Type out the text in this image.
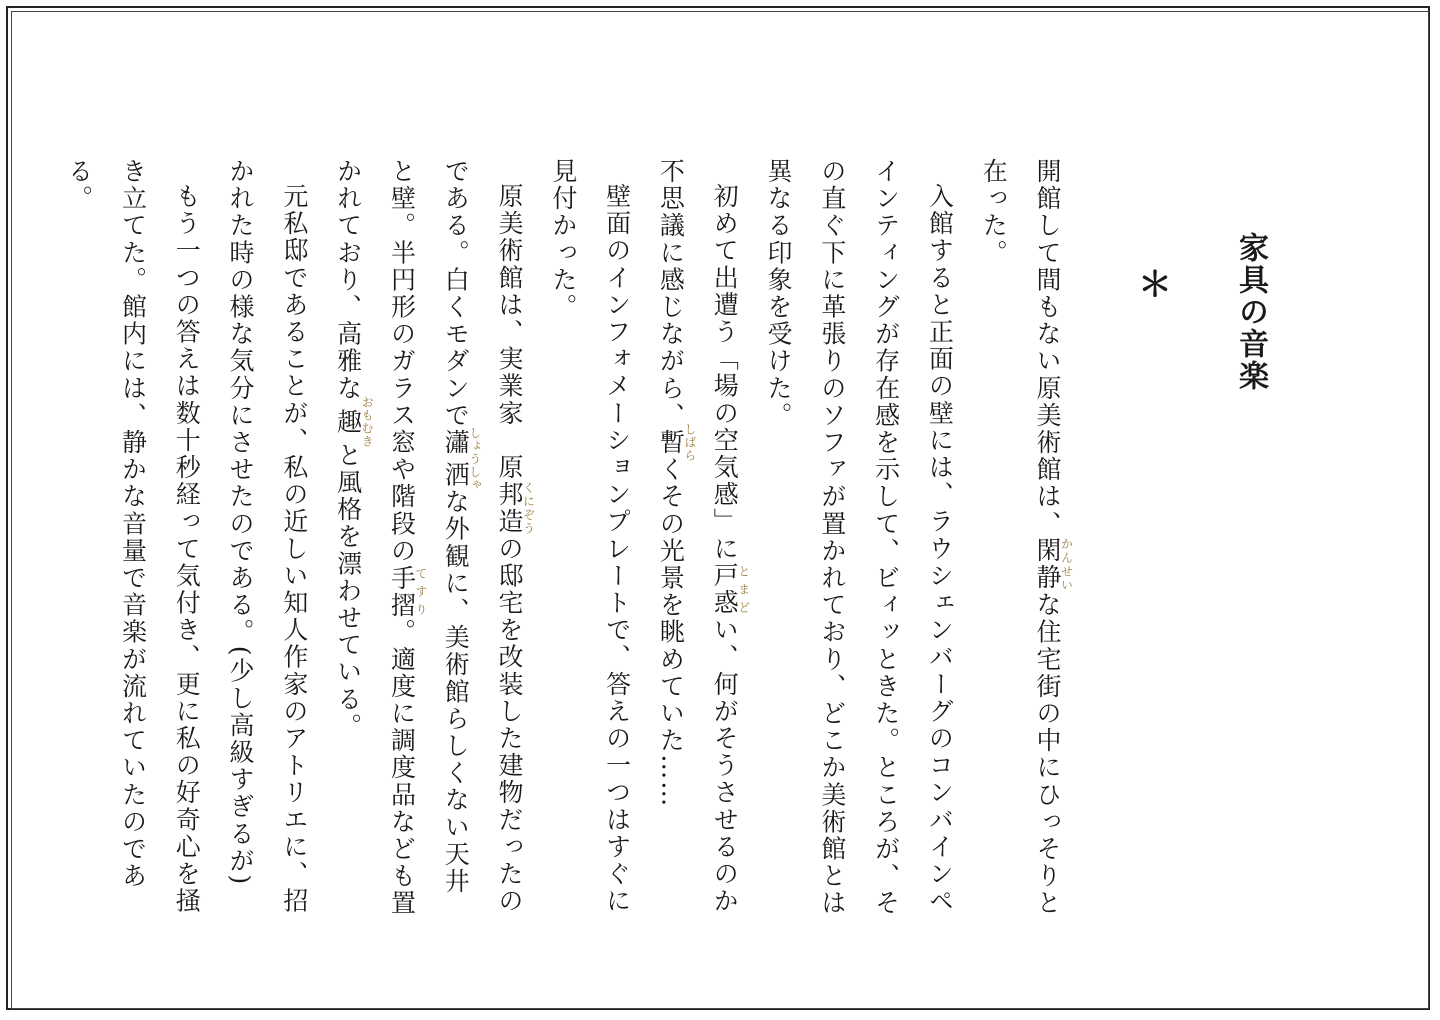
家具の音楽
＊

開館して間もない原美術館は、閑静かんせいな住宅街の中にひっそりと在った。

入館すると正面の壁には、ラウシェンバーグのコンバインペインティングが存在感を示して、ビィッときた。ところが、その直ぐ下に革張りのソファが置かれており、どこか美術館とは異なる印象を受けた。

初めて出遭う「場の空気感」に戸惑とまどい、何がそうさせるのか不思議に感じながら、暫しばらくその光景を眺めていた……

壁面のインフォメーションプレートで、答えの一つはすぐに見付かった。

原美術館は、実業家　原邦造くにぞうの邸宅を改装した建物だったのである。白くモダンで瀟洒しょうしゃな外観に、美術館らしくない天井と壁。半円形のガラス窓や階段の手摺てすり。適度に調度品なども置かれており、高雅な趣おもむきと風格を漂わせている。

元私邸であることが、私の近しい知人作家のアトリエに、招かれた時の様な気分にさせたのである。(少し高級すぎるが)

もう一つの答えは数十秒経って気付き、更に私の好奇心を掻き立てた。館内には、静かな音量で音楽が流れていたのである。
